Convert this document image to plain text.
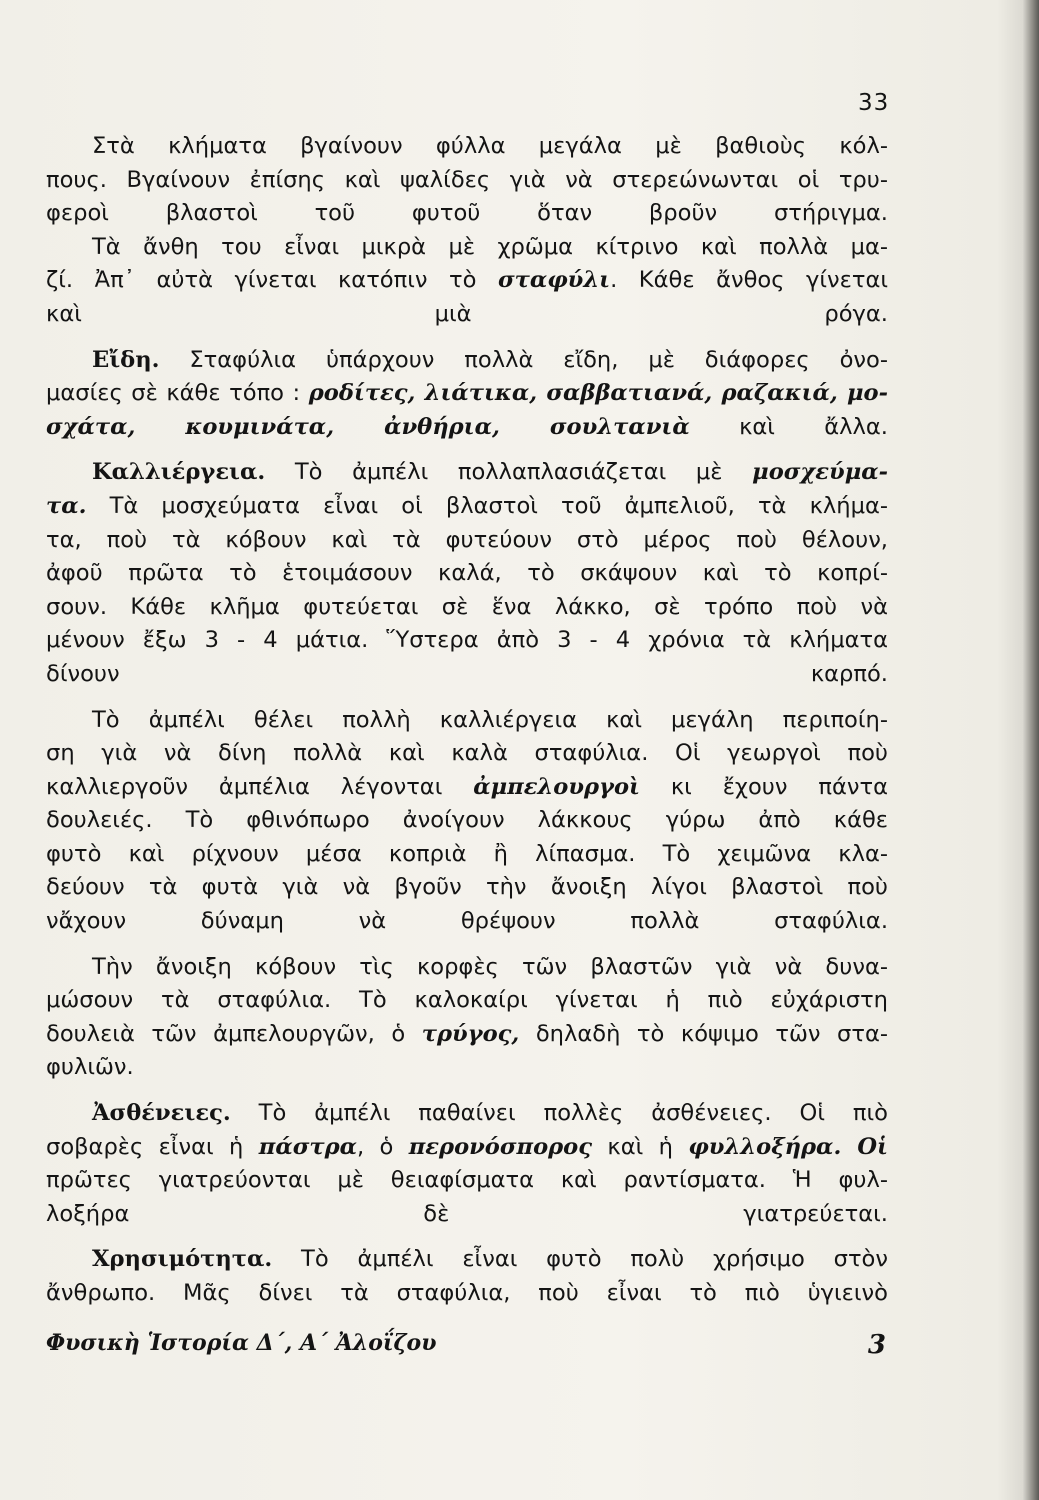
33

Στὰ κλήματα βγαίνουν φύλλα μεγάλα μὲ βαθιοὺς κόλ-
πους. Βγαίνουν ἐπίσης καὶ ψαλίδες γιὰ νὰ στερεώνωνται οἱ τρυ-
φεροὶ βλαστοὶ τοῦ φυτοῦ ὅταν βροῦν στήριγμα.

Τὰ ἄνθη του εἶναι μικρὰ μὲ χρῶμα κίτρινο καὶ πολλὰ μα-
ζί. Ἀπ᾽ αὐτὰ γίνεται κατόπιν τὸ σταφύλι. Κάθε ἄνθος γίνεται
καὶ μιὰ ρόγα.

Εἴδη. Σταφύλια ὑπάρχουν πολλὰ εἴδη, μὲ διάφορες ὀνο-
μασίες σὲ κάθε τόπο : ροδίτες, λιάτικα, σαββατιανά, ραζακιά, μο-
σχάτα, κουμινάτα, ἀνθήρια, σουλτανιὰ καὶ ἄλλα.

Καλλιέργεια. Τὸ ἀμπέλι πολλαπλασιάζεται μὲ μοσχεύμα-
τα. Τὰ μοσχεύματα εἶναι οἱ βλαστοὶ τοῦ ἀμπελιοῦ, τὰ κλήμα-
τα, ποὺ τὰ κόβουν καὶ τὰ φυτεύουν στὸ μέρος ποὺ θέλουν,
ἀφοῦ πρῶτα τὸ ἑτοιμάσουν καλά, τὸ σκάψουν καὶ τὸ κοπρί-
σουν. Κάθε κλῆμα φυτεύεται σὲ ἕνα λάκκο, σὲ τρόπο ποὺ νὰ
μένουν ἔξω 3 - 4 μάτια. Ὕστερα ἀπὸ 3 - 4 χρόνια τὰ κλήματα
δίνουν καρπό.

Τὸ ἀμπέλι θέλει πολλὴ καλλιέργεια καὶ μεγάλη περιποίη-
ση γιὰ νὰ δίνη πολλὰ καὶ καλὰ σταφύλια. Οἱ γεωργοὶ ποὺ
καλλιεργοῦν ἀμπέλια λέγονται ἀμπελουργοὶ κι ἔχουν πάντα
δουλειές. Τὸ φθινόπωρο ἀνοίγουν λάκκους γύρω ἀπὸ κάθε
φυτὸ καὶ ρίχνουν μέσα κοπριὰ ἢ λίπασμα. Τὸ χειμῶνα κλα-
δεύουν τὰ φυτὰ γιὰ νὰ βγοῦν τὴν ἄνοιξη λίγοι βλαστοὶ ποὺ
νἄχουν δύναμη νὰ θρέψουν πολλὰ σταφύλια.

Τὴν ἄνοιξη κόβουν τὶς κορφὲς τῶν βλαστῶν γιὰ νὰ δυνα-
μώσουν τὰ σταφύλια. Τὸ καλοκαίρι γίνεται ἡ πιὸ εὐχάριστη
δουλειὰ τῶν ἀμπελουργῶν, ὁ τρύγος, δηλαδὴ τὸ κόψιμο τῶν στα-
φυλιῶν.

Ἀσθένειες. Τὸ ἀμπέλι παθαίνει πολλὲς ἀσθένειες. Οἱ πιὸ
σοβαρὲς εἶναι ἡ πάστρα, ὁ περονόσπορος καὶ ἡ φυλλοξήρα. Οἱ
πρῶτες γιατρεύονται μὲ θειαφίσματα καὶ ραντίσματα. Ἡ φυλ-
λοξήρα δὲ γιατρεύεται.

Χρησιμότητα. Τὸ ἀμπέλι εἶναι φυτὸ πολὺ χρήσιμο στὸν
ἄνθρωπο. Μᾶς δίνει τὰ σταφύλια, ποὺ εἶναι τὸ πιὸ ὑγιεινὸ

Φυσικὴ Ἱστορία Δ΄, Α΄ Ἀλοΐζου	3
